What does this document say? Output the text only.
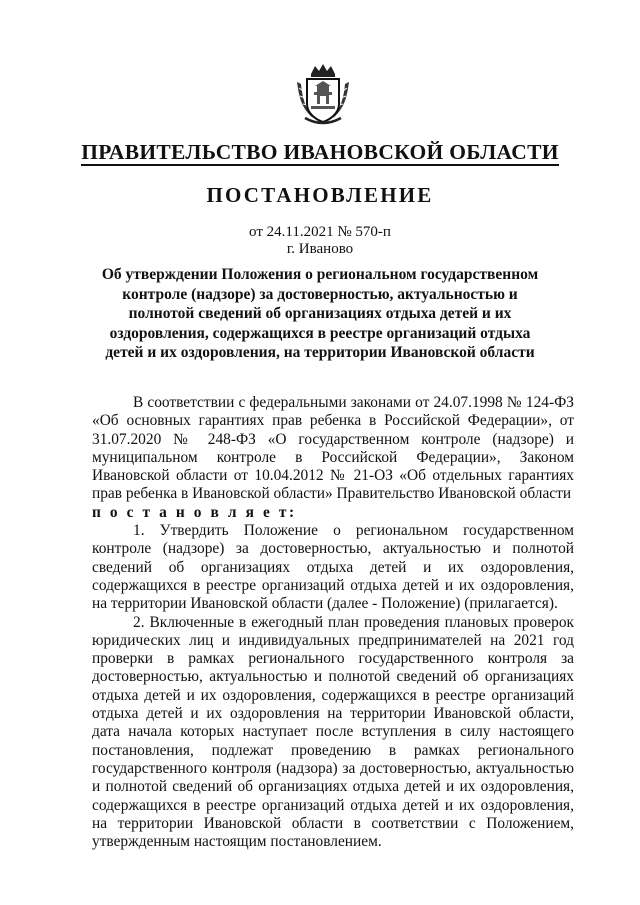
ПРАВИТЕЛЬСТВО ИВАНОВСКОЙ ОБЛАСТИ
ПОСТАНОВЛЕНИЕ
от 24.11.2021 № 570-п
г. Иваново
Об утверждении Положения о региональном государственном контроле (надзоре) за достоверностью, актуальностью и полнотой сведений об организациях отдыха детей и их оздоровления, содержащихся в реестре организаций отдыха детей и их оздоровления, на территории Ивановской области

В соответствии с федеральными законами от 24.07.1998 № 124-ФЗ «Об основных гарантиях прав ребенка в Российской Федерации», от 31.07.2020 № 248-ФЗ «О государственном контроле (надзоре) и муниципальном контроле в Российской Федерации», Законом Ивановской области от 10.04.2012 № 21-ОЗ «Об отдельных гарантиях прав ребенка в Ивановской области» Правительство Ивановской области

п о с т а н о в л я е т:

1. Утвердить Положение о региональном государственном контроле (надзоре) за достоверностью, актуальностью и полнотой сведений об организациях отдыха детей и их оздоровления, содержащихся в реестре организаций отдыха детей и их оздоровления, на территории Ивановской области (далее - Положение) (прилагается).

2. Включенные в ежегодный план проведения плановых проверок юридических лиц и индивидуальных предпринимателей на 2021 год проверки в рамках регионального государственного контроля за достоверностью, актуальностью и полнотой сведений об организациях отдыха детей и их оздоровления, содержащихся в реестре организаций отдыха детей и их оздоровления на территории Ивановской области, дата начала которых наступает после вступления в силу настоящего постановления, подлежат проведению в рамках регионального государственного контроля (надзора) за достоверностью, актуальностью и полнотой сведений об организациях отдыха детей и их оздоровления, содержащихся в реестре организаций отдыха детей и их оздоровления, на территории Ивановской области в соответствии с Положением, утвержденным настоящим постановлением.
